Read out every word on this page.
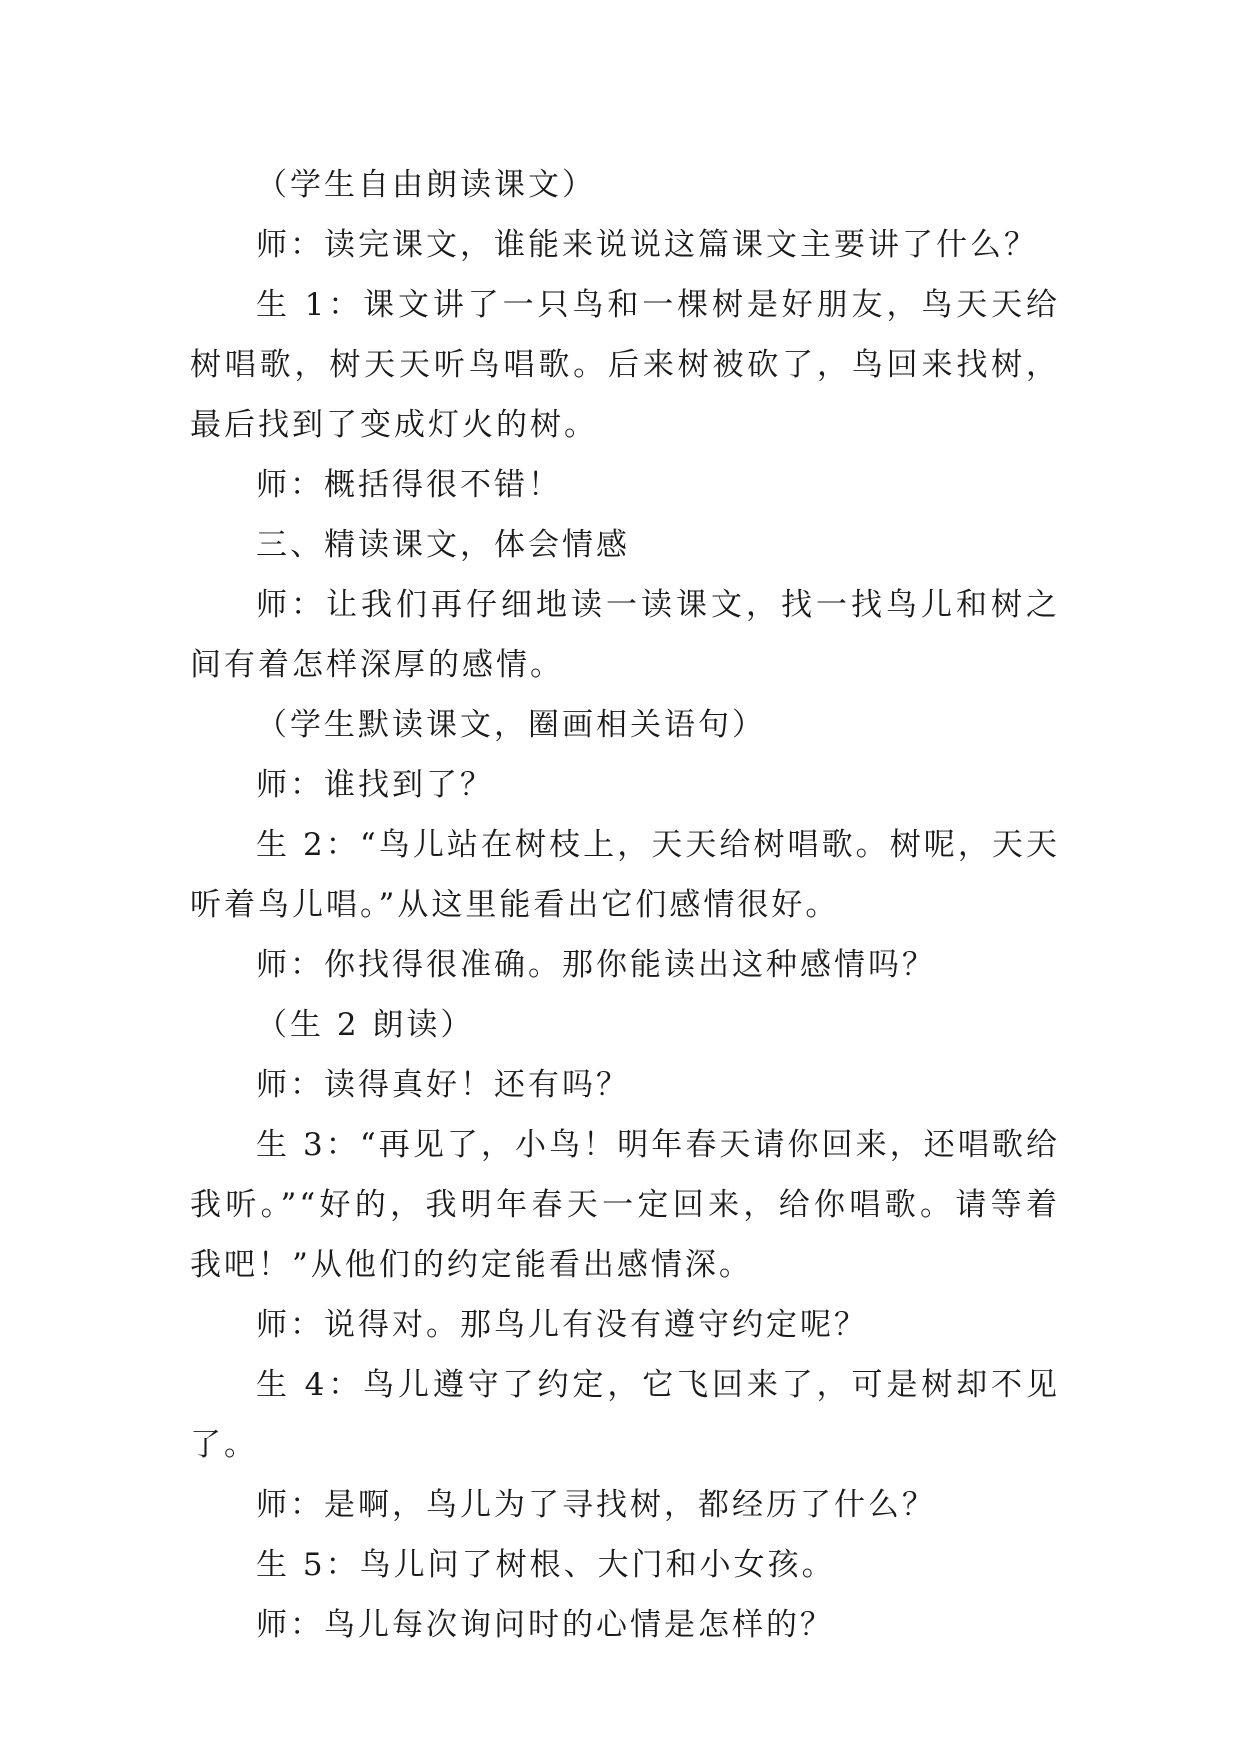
（学生自由朗读课文）

师：读完课文，谁能来说说这篇课文主要讲了什么？

生 1：课文讲了一只鸟和一棵树是好朋友，鸟天天给树唱歌，树天天听鸟唱歌。后来树被砍了，鸟回来找树，最后找到了变成灯火的树。

师：概括得很不错！

三、精读课文，体会情感

师：让我们再仔细地读一读课文，找一找鸟儿和树之间有着怎样深厚的感情。

（学生默读课文，圈画相关语句）

师：谁找到了？

生 2：“鸟儿站在树枝上，天天给树唱歌。树呢，天天听着鸟儿唱。”从这里能看出它们感情很好。

师：你找得很准确。那你能读出这种感情吗？

（生 2 朗读）

师：读得真好！还有吗？

生 3：“再见了，小鸟！明年春天请你回来，还唱歌给我听。”“好的，我明年春天一定回来，给你唱歌。请等着我吧！”从他们的约定能看出感情深。

师：说得对。那鸟儿有没有遵守约定呢？

生 4：鸟儿遵守了约定，它飞回来了，可是树却不见了。

师：是啊，鸟儿为了寻找树，都经历了什么？

生 5：鸟儿问了树根、大门和小女孩。

师：鸟儿每次询问时的心情是怎样的？
